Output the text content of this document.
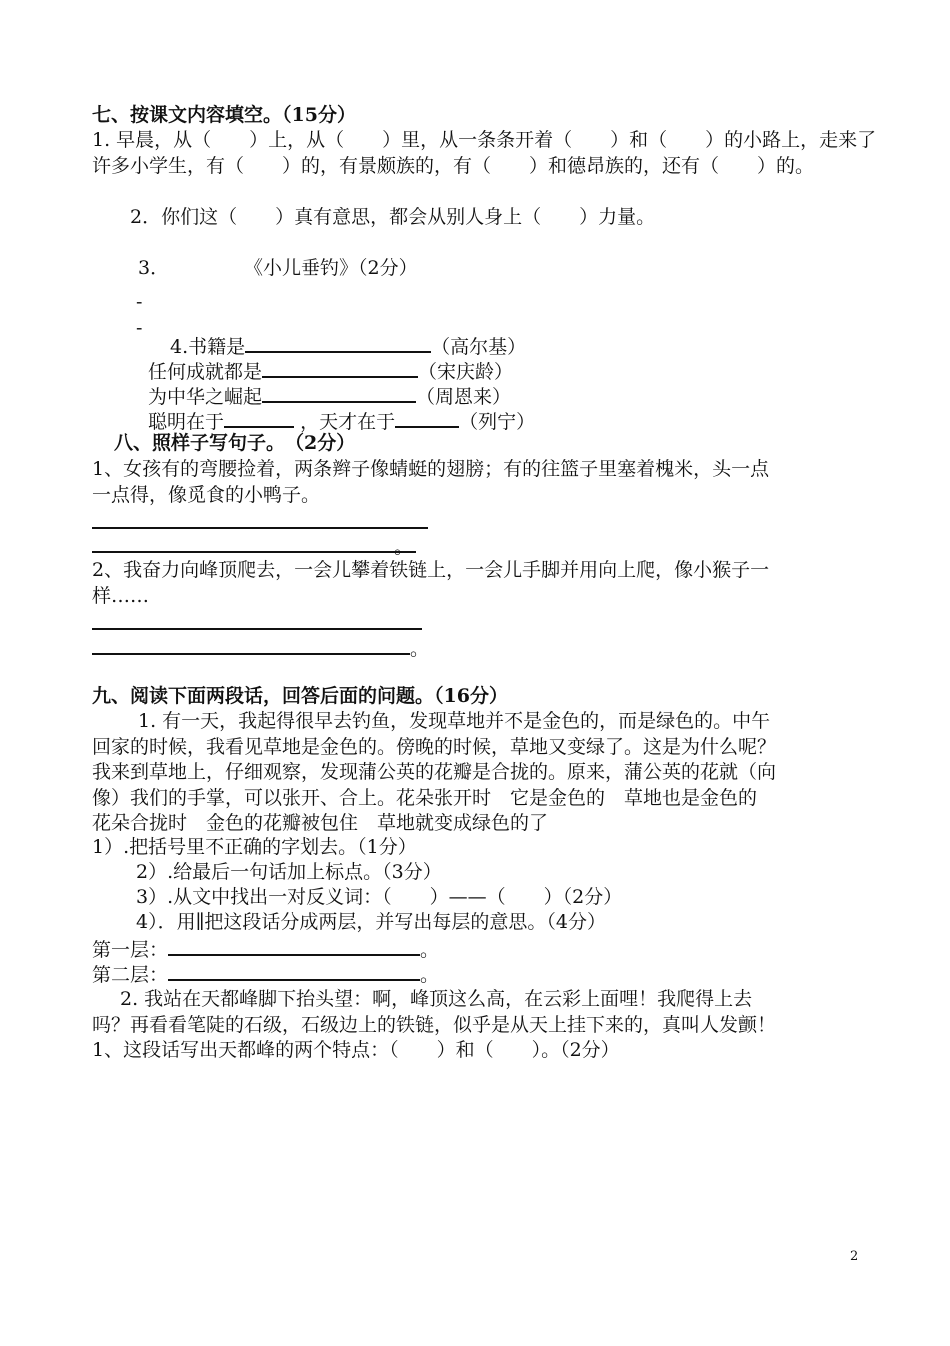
七、按课文内容填空。（15分）
1. 早晨，从（　　）上，从（　　）里，从一条条开着（　　）和（　　）的小路上，走来了
许多小学生，有（　　）的，有景颇族的，有（　　）和德昂族的，还有（　　）的。
2．你们这（　　）真有意思，都会从别人身上（　　）力量。
3．	《小儿垂钓》（2分）
-
-
4.书籍是	（高尔基）
任何成就都是	（宋庆龄）
为中华之崛起	（周恩来）
聪明在于	，天才在于	（列宁）
八、照样子写句子。　（2分）
1、女孩有的弯腰捡着，两条辫子像蜻蜓的翅膀；有的往篮子里塞着槐米，头一点
一点得，像觅食的小鸭子。
。
2、我奋力向峰顶爬去，一会儿攀着铁链上，一会儿手脚并用向上爬，像小猴子一
样……
。
九、阅读下面两段话，回答后面的问题。（16分）
1. 有一天，我起得很早去钓鱼，发现草地并不是金色的，而是绿色的。中午
回家的时候，我看见草地是金色的。傍晚的时候，草地又变绿了。这是为什么呢？
我来到草地上，仔细观察，发现蒲公英的花瓣是合拢的。原来，蒲公英的花就（向
像）我们的手掌，可以张开、合上。花朵张开时　它是金色的　草地也是金色的
花朵合拢时　金色的花瓣被包住　草地就变成绿色的了
1）.把括号里不正确的字划去。（1分）
2）.给最后一句话加上标点。（3分）
3）.从文中找出一对反义词：（　　）——（　　）（2分）
4）．用∥把这段话分成两层，并写出每层的意思。（4分）
第一层：	。
第二层：	。
2. 我站在天都峰脚下抬头望：啊，峰顶这么高，在云彩上面哩！我爬得上去
吗？再看看笔陡的石级，石级边上的铁链，似乎是从天上挂下来的，真叫人发颤！
1、这段话写出天都峰的两个特点：（　　）和（　　）。（2分）
2
